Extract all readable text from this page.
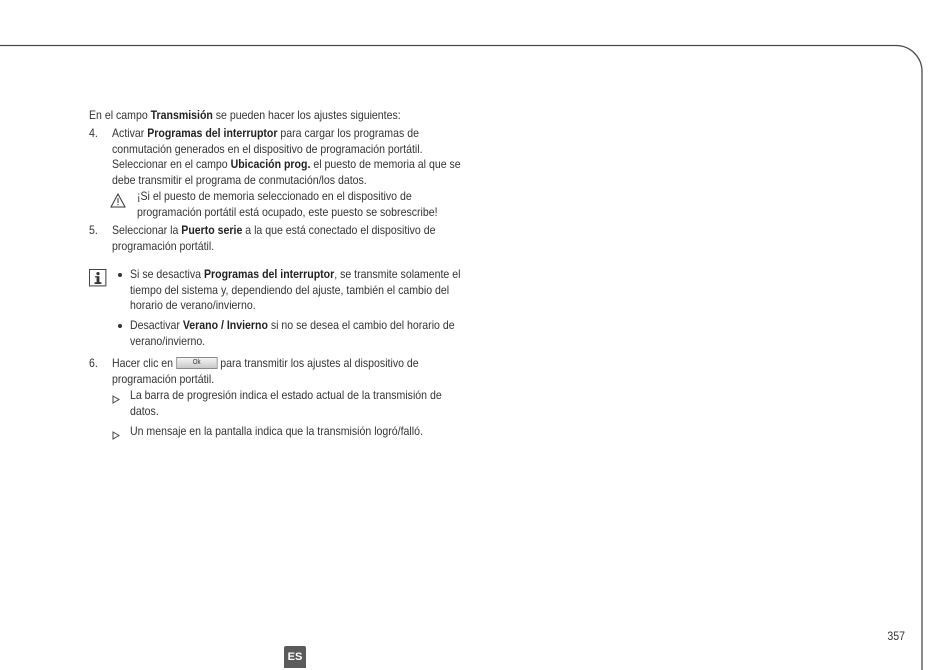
En el campo Transmisión se pueden hacer los ajustes siguientes:
4. Activar Programas del interruptor para cargar los programas de
conmutación generados en el dispositivo de programación portátil.
Seleccionar en el campo Ubicación prog. el puesto de memoria al que se
debe transmitir el programa de conmutación/los datos.
¡Si el puesto de memoria seleccionado en el dispositivo de
programación portátil está ocupado, este puesto se sobrescribe!
5. Seleccionar la Puerto serie a la que está conectado el dispositivo de
programación portátil.
Si se desactiva Programas del interruptor, se transmite solamente el
tiempo del sistema y, dependiendo del ajuste, también el cambio del
horario de verano/invierno.
Desactivar Verano / Invierno si no se desea el cambio del horario de
verano/invierno.
6. Hacer clic en Ok para transmitir los ajustes al dispositivo de
programación portátil.
La barra de progresión indica el estado actual de la transmisión de
datos.
Un mensaje en la pantalla indica que la transmisión logró/falló.
357
ES
